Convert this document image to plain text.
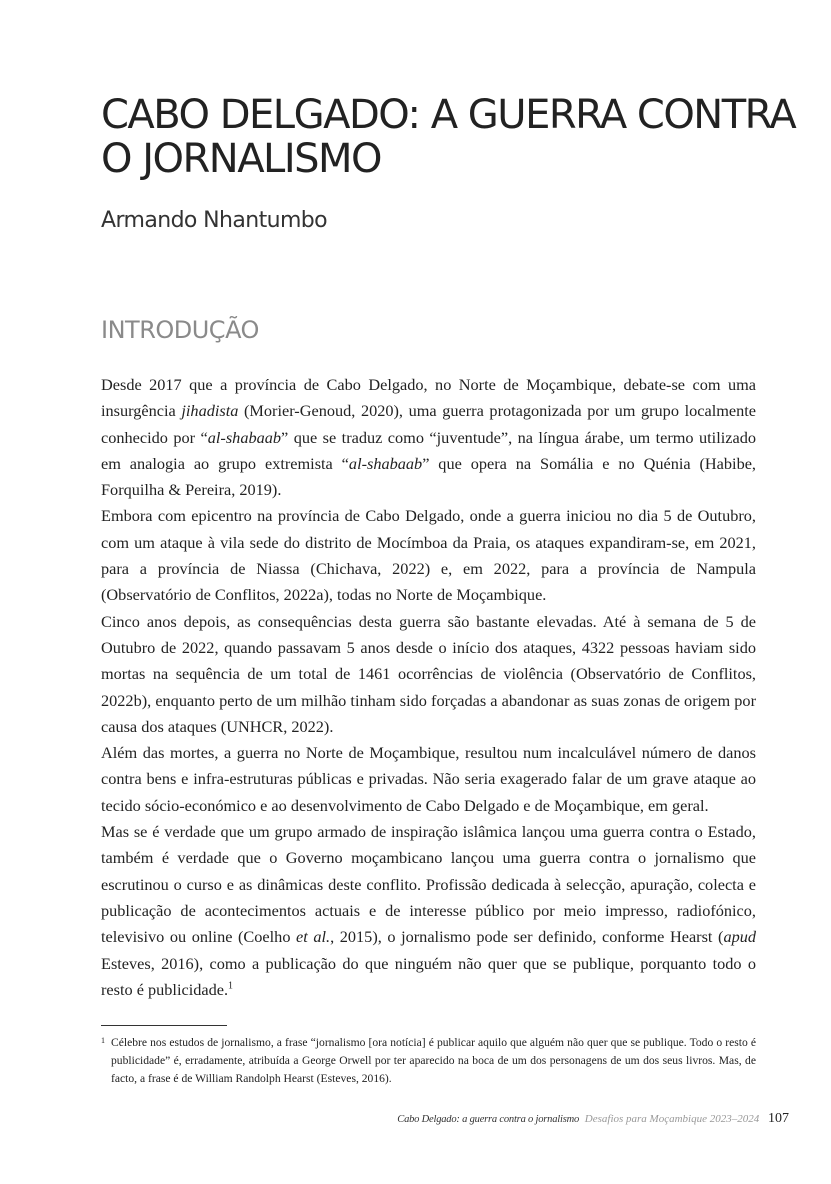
CABO DELGADO: A GUERRA CONTRA
O JORNALISMO

Armando Nhantumbo

INTRODUÇÃO

Desde 2017 que a província de Cabo Delgado, no Norte de Moçambique, debate-se com uma insurgência jihadista (Morier-Genoud, 2020), uma guerra protagonizada por um grupo localmente conhecido por “al-shabaab” que se traduz como “juventude”, na língua árabe, um termo utilizado em analogia ao grupo extremista “al-shabaab” que opera na Somália e no Quénia (Habibe, Forquilha & Pereira, 2019).

Embora com epicentro na província de Cabo Delgado, onde a guerra iniciou no dia 5 de Outubro, com um ataque à vila sede do distrito de Mocímboa da Praia, os ataques expandiram-se, em 2021, para a província de Niassa (Chichava, 2022) e, em 2022, para a província de Nampula (Observatório de Conflitos, 2022a), todas no Norte de Moçambique.

Cinco anos depois, as consequências desta guerra são bastante elevadas. Até à semana de 5 de Outubro de 2022, quando passavam 5 anos desde o início dos ataques, 4322 pessoas haviam sido mortas na sequência de um total de 1461 ocorrências de violência (Observatório de Conflitos, 2022b), enquanto perto de um milhão tinham sido forçadas a abandonar as suas zonas de origem por causa dos ataques (UNHCR, 2022).

Além das mortes, a guerra no Norte de Moçambique, resultou num incalculável número de danos contra bens e infra-estruturas públicas e privadas. Não seria exagerado falar de um grave ataque ao tecido sócio-económico e ao desenvolvimento de Cabo Delgado e de Moçambique, em geral.

Mas se é verdade que um grupo armado de inspiração islâmica lançou uma guerra contra o Estado, também é verdade que o Governo moçambicano lançou uma guerra contra o jornalismo que escrutinou o curso e as dinâmicas deste conflito. Profissão dedicada à selecção, apuração, colecta e publicação de acontecimentos actuais e de interesse público por meio impresso, radiofónico, televisivo ou online (Coelho et al., 2015), o jornalismo pode ser definido, conforme Hearst (apud Esteves, 2016), como a publicação do que ninguém não quer que se publique, porquanto todo o resto é publicidade.$^1$

1 Célebre nos estudos de jornalismo, a frase “jornalismo [ora notícia] é publicar aquilo que alguém não quer que se publique. Todo o resto é publicidade” é, erradamente, atribuída a George Orwell por ter aparecido na boca de um dos personagens de um dos seus livros. Mas, de facto, a frase é de William Randolph Hearst (Esteves, 2016).

Cabo Delgado: a guerra contra o jornalismo Desafios para Moçambique 2023–2024 107
